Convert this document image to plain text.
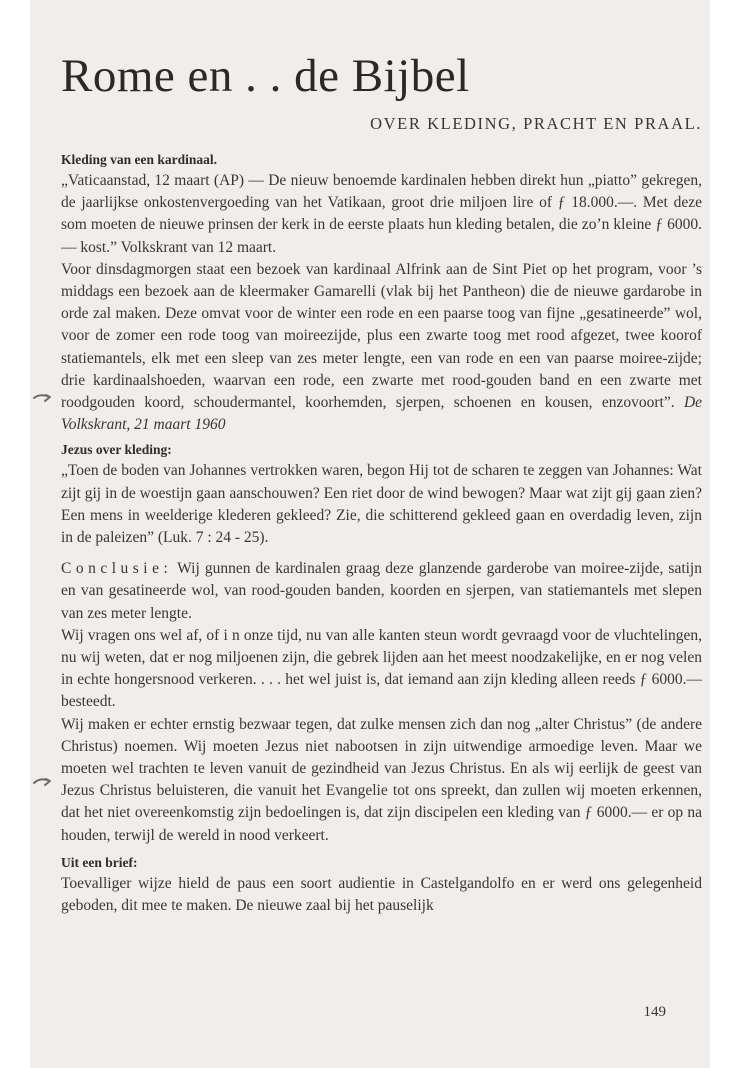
Rome en . . de Bijbel
OVER KLEDING, PRACHT EN PRAAL.
Kleding van een kardinaal.

„Vaticaanstad, 12 maart (AP) — De nieuw benoemde kardinalen hebben direkt hun „piatto” gekregen, de jaarlijkse onkostenvergoeding van het Vatikaan, groot drie miljoen lire of ƒ 18.000.—. Met deze som moeten de nieuwe prinsen der kerk in de eerste plaats hun kleding betalen, die zo’n kleine ƒ 6000.— kost.” Volkskrant van 12 maart.

Voor dinsdagmorgen staat een bezoek van kardinaal Alfrink aan de Sint Piet op het program, voor ’s middags een bezoek aan de kleermaker Gamarelli (vlak bij het Pantheon) die de nieuwe gardarobe in orde zal maken. Deze omvat voor de winter een rode en een paarse toog van fijne „gesatineerde” wol, voor de zomer een rode toog van moireezijde, plus een zwarte toog met rood afgezet, twee koorof statiemantels, elk met een sleep van zes meter lengte, een van rode en een van paarse moiree-zijde; drie kardinaalshoeden, waarvan een rode, een zwarte met rood-gouden band en een zwarte met roodgouden koord, schoudermantel, koorhemden, sjerpen, schoenen en kousen, enzovoort”. De Volkskrant, 21 maart 1960

Jezus over kleding:

„Toen de boden van Johannes vertrokken waren, begon Hij tot de scharen te zeggen van Johannes: Wat zijt gij in de woestijn gaan aanschouwen? Een riet door de wind bewogen? Maar wat zijt gij gaan zien? Een mens in weelderige klederen gekleed? Zie, die schitterend gekleed gaan en overdadig leven, zijn in de paleizen” (Luk. 7 : 24 - 25).

Conclusie: Wij gunnen de kardinalen graag deze glanzende garderobe van moiree-zijde, satijn en van gesatineerde wol, van rood-gouden banden, koorden en sjerpen, van statiemantels met slepen van zes meter lengte.

Wij vragen ons wel af, of i n onze tijd, nu van alle kanten steun wordt gevraagd voor de vluchtelingen, nu wij weten, dat er nog miljoenen zijn, die gebrek lijden aan het meest noodzakelijke, en er nog velen in echte hongersnood verkeren. . . . het wel juist is, dat iemand aan zijn kleding alleen reeds ƒ 6000.— besteedt.

Wij maken er echter ernstig bezwaar tegen, dat zulke mensen zich dan nog „alter Christus” (de andere Christus) noemen. Wij moeten Jezus niet nabootsen in zijn uitwendige armoedige leven. Maar we moeten wel trachten te leven vanuit de gezindheid van Jezus Christus. En als wij eerlijk de geest van Jezus Christus beluisteren, die vanuit het Evangelie tot ons spreekt, dan zullen wij moeten erkennen, dat het niet overeenkomstig zijn bedoelingen is, dat zijn discipelen een kleding van ƒ 6000.— er op na houden, terwijl de wereld in nood verkeert.

Uit een brief:

Toevalliger wijze hield de paus een soort audientie in Castelgandolfo en er werd ons gelegenheid geboden, dit mee te maken. De nieuwe zaal bij het pauselijk

149
